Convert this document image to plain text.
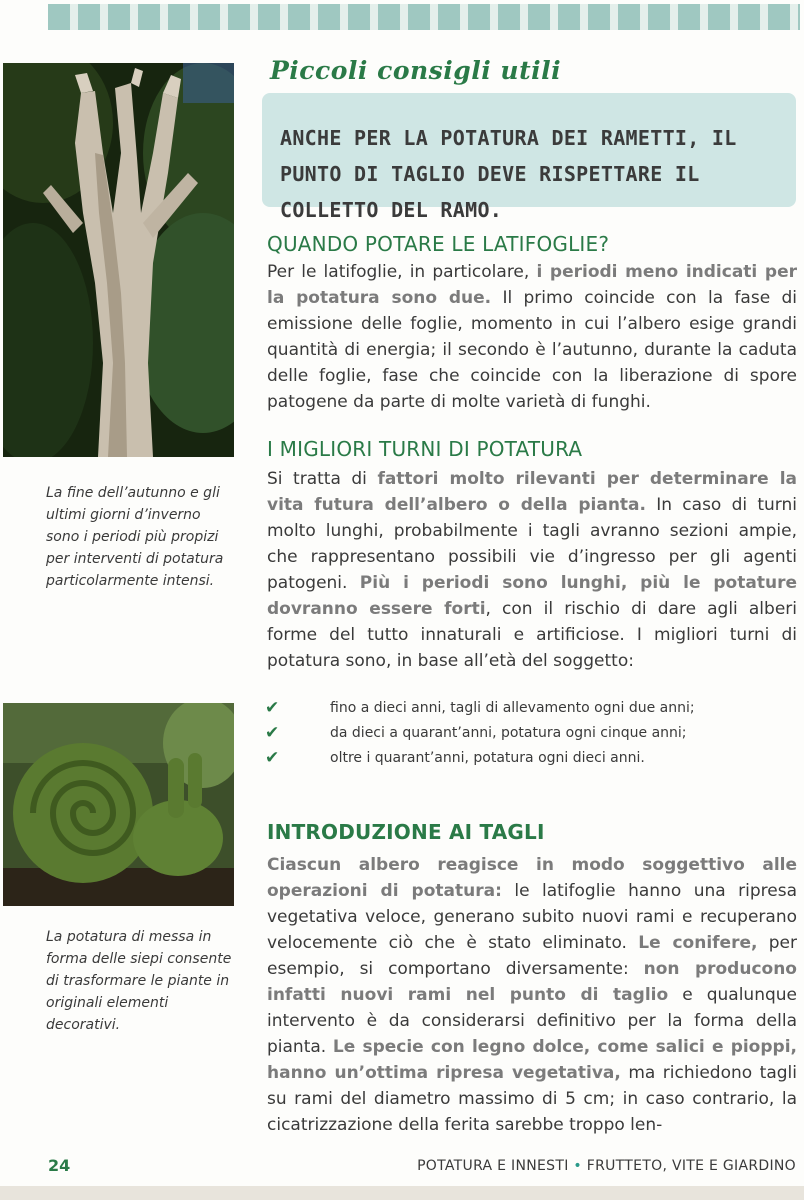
La fine dell’autunno e gli ultimi giorni d’inverno sono i periodi più propizi per interventi di potatura particolarmente intensi.
La potatura di messa in forma delle siepi consente di trasformare le piante in originali elementi decorativi.
Piccoli consigli utili
ANCHE PER LA POTATURA DEI RAMETTI, IL PUNTO DI TAGLIO DEVE RISPETTARE IL COLLETTO DEL RAMO.
QUANDO POTARE LE LATIFOGLIE?
Per le latifoglie, in particolare, i periodi meno indicati per la potatura sono due. Il primo coincide con la fase di emissione delle foglie, momento in cui l’albero esige grandi quantità di energia; il secondo è l’autunno, durante la caduta delle foglie, fase che coincide con la liberazione di spore patogene da parte di molte varietà di funghi.
I MIGLIORI TURNI DI POTATURA
Si tratta di fattori molto rilevanti per determinare la vita futura dell’albero o della pianta. In caso di turni molto lunghi, probabilmente i tagli avranno sezioni ampie, che rappresentano possibili vie d’ingresso per gli agenti patogeni. Più i periodi sono lunghi, più le potature dovranno essere forti, con il rischio di dare agli alberi forme del tutto innaturali e artificiose. I migliori turni di potatura sono, in base all’età del soggetto:
✔	fino a dieci anni, tagli di allevamento ogni due anni;
✔	da dieci a quarant’anni, potatura ogni cinque anni;
✔	oltre i quarant’anni, potatura ogni dieci anni.
INTRODUZIONE AI TAGLI
Ciascun albero reagisce in modo soggettivo alle operazioni di potatura: le latifoglie hanno una ripresa vegetativa veloce, generano subito nuovi rami e recuperano velocemente ciò che è stato eliminato. Le conifere, per esempio, si comportano diversamente: non producono infatti nuovi rami nel punto di taglio e qualunque intervento è da considerarsi definitivo per la forma della pianta. Le specie con legno dolce, come salici e pioppi, hanno un’ottima ripresa vegetativa, ma richiedono tagli su rami del diametro massimo di 5 cm; in caso contrario, la cicatrizzazione della ferita sarebbe troppo len-
24	POTATURA E INNESTI • FRUTTETO, VITE E GIARDINO
